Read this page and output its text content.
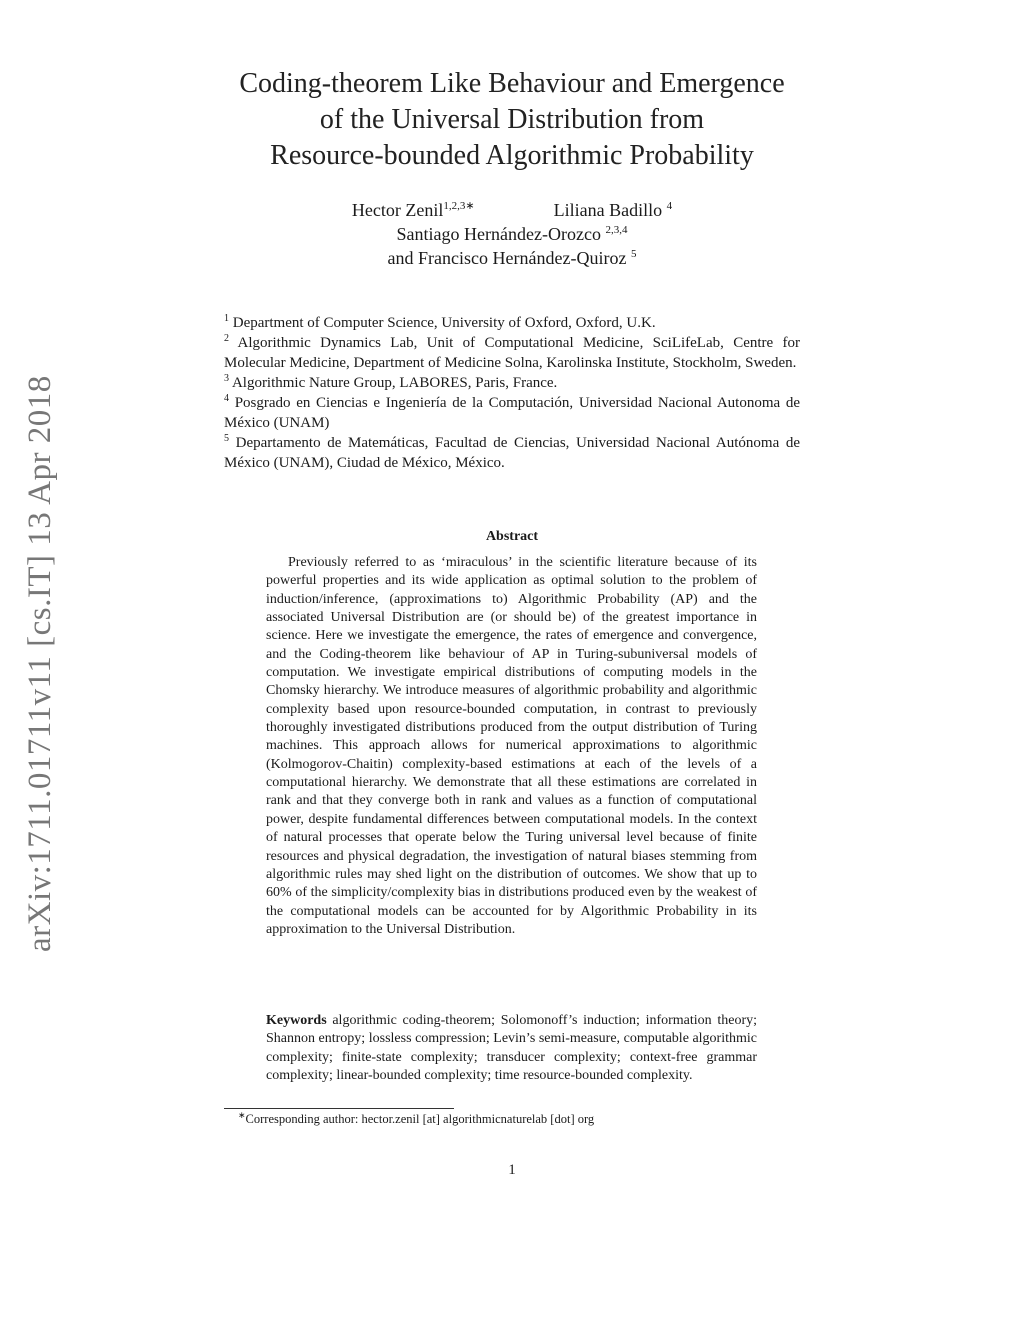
arXiv:1711.01711v11 [cs.IT] 13 Apr 2018
Coding-theorem Like Behaviour and Emergence
of the Universal Distribution from
Resource-bounded Algorithmic Probability
Hector Zenil$^{1,2,3∗}$	Liliana Badillo $^4$
Santiago Hernández-Orozco $^{2,3,4}$
and Francisco Hernández-Quiroz $^5$
$^1$ Department of Computer Science, University of Oxford, Oxford, U.K.
$^2$ Algorithmic Dynamics Lab, Unit of Computational Medicine, SciLifeLab, Centre for Molecular Medicine, Department of Medicine Solna, Karolinska Institute, Stockholm, Sweden.
$^3$ Algorithmic Nature Group, LABORES, Paris, France.
$^4$ Posgrado en Ciencias e Ingeniería de la Computación, Universidad Nacional Autonoma de México (UNAM)
$^5$ Departamento de Matemáticas, Facultad de Ciencias, Universidad Nacional Autónoma de México (UNAM), Ciudad de México, México.
Abstract
Previously referred to as ‘miraculous’ in the scientific literature because of its powerful properties and its wide application as optimal solution to the problem of induction/inference, (approximations to) Algorithmic Probability (AP) and the associated Universal Distribution are (or should be) of the greatest importance in science. Here we investigate the emergence, the rates of emergence and convergence, and the Coding-theorem like behaviour of AP in Turing-subuniversal models of computation. We investigate empirical distributions of computing models in the Chomsky hierarchy. We introduce measures of algorithmic probability and algorithmic complexity based upon resource-bounded computation, in contrast to previously thoroughly investigated distributions produced from the output distribution of Turing machines. This approach allows for numerical approximations to algorithmic (Kolmogorov-Chaitin) complexity-based estimations at each of the levels of a computational hierarchy. We demonstrate that all these estimations are correlated in rank and that they converge both in rank and values as a function of computational power, despite fundamental differences between computational models. In the context of natural processes that operate below the Turing universal level because of finite resources and physical degradation, the investigation of natural biases stemming from algorithmic rules may shed light on the distribution of outcomes. We show that up to 60% of the simplicity/complexity bias in distributions produced even by the weakest of the computational models can be accounted for by Algorithmic Probability in its approximation to the Universal Distribution.
Keywords algorithmic coding-theorem; Solomonoff’s induction; information theory; Shannon entropy; lossless compression; Levin’s semi-measure, computable algorithmic complexity; finite-state complexity; transducer complexity; context-free grammar complexity; linear-bounded complexity; time resource-bounded complexity.
∗Corresponding author: hector.zenil [at] algorithmicnaturelab [dot] org
1
